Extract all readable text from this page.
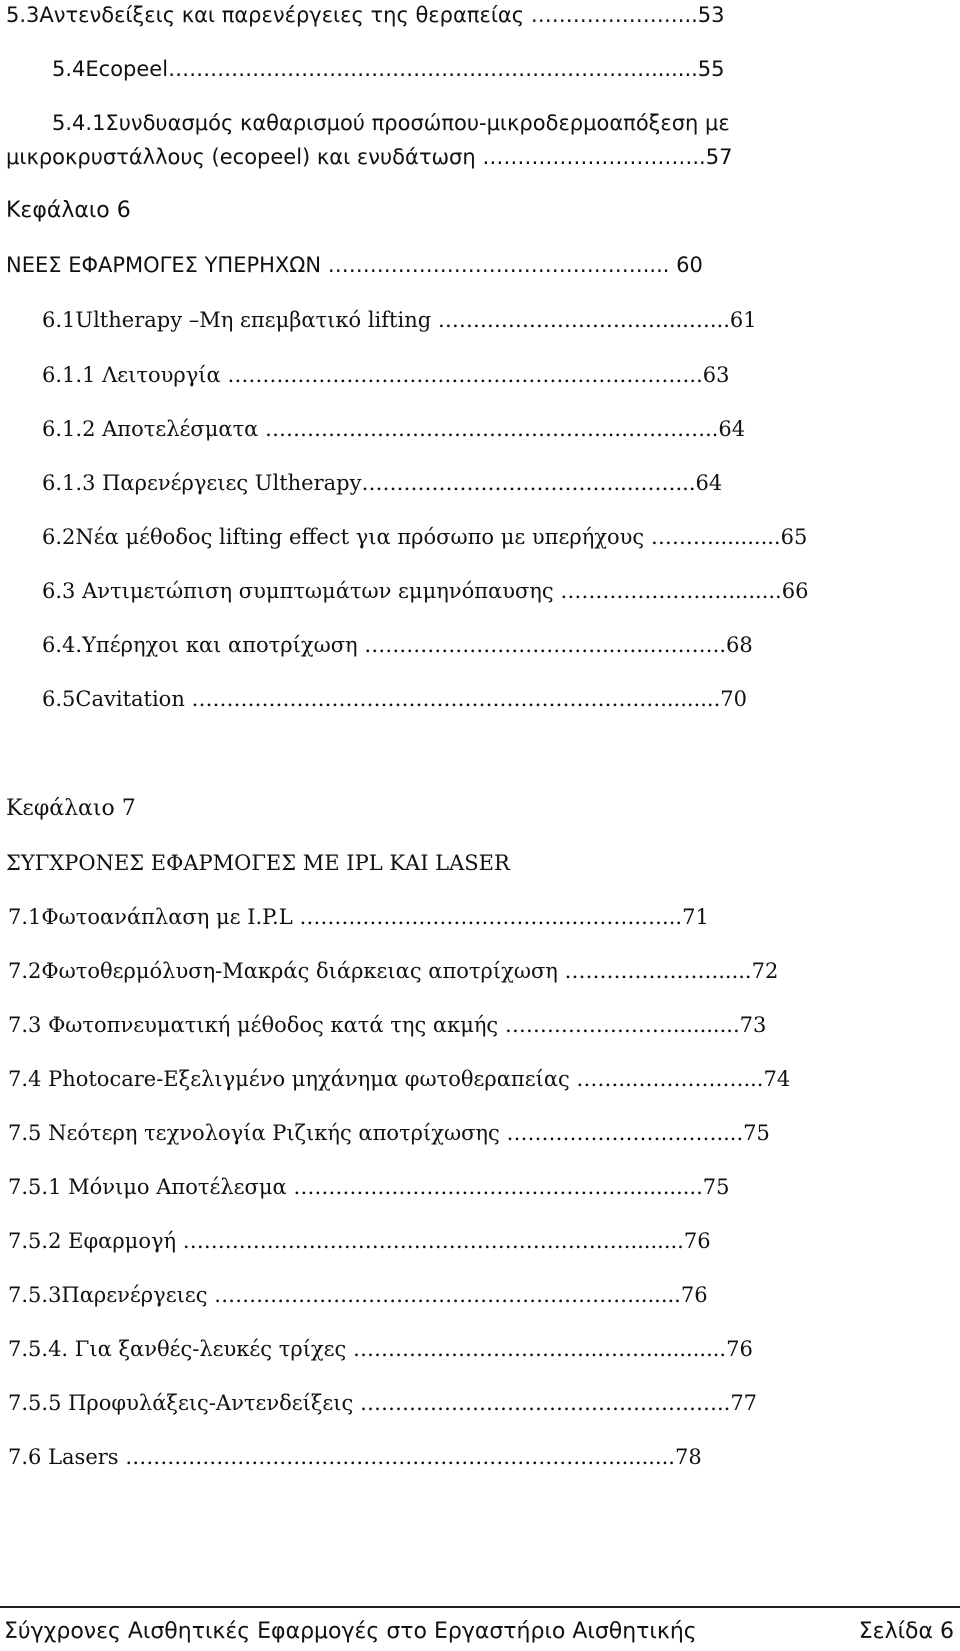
5.3Αντενδείξεις και παρενέργειες της θεραπείας …………………...53
5.4Ecopeel…………………………………………………………….......55
5.4.1Συνδυασμός καθαρισμού προσώπου-μικροδερμοαπόξεση με
μικροκρυστάλλους (ecopeel) και ενυδάτωση …………………………..57
Κεφάλαιο 6
ΝΕΕΣ ΕΦΑΡΜΟΓΕΣ ΥΠΕΡΗΧΩΝ ……………………………………….... 60
6.1Ultherapy –Μη επεμβατικό lifting ……………………………...…...61
6.1.1 Λειτουργία …………………………………………………………..63
6.1.2 Αποτελέσματα …………………………………………...…………..64
6.1.3 Παρενέργειες Ultherapy………………………………...……...64
6.2Νέα μέθοδος lifting effect για πρόσωπο με υπερήχους ………..........65
6.3 Αντιμετώπιση συμπτωμάτων εμμηνόπαυσης ……………………........66
6.4.Υπέρηχοι και αποτρίχωση ……………………………...…..………..68
6.5Cavitation ……………………………………………………….….........70
Κεφάλαιο 7
ΣΥΓΧΡΟΝΕΣ ΕΦΑΡΜΟΓΕΣ ΜΕ IPL ΚΑΙ LASER
7.1Φωτοανάπλαση με I.P.L ………………………………...……….…...71
7.2Φωτοθερμόλυση-Μακράς διάρκειας αποτρίχωση …………………......72
7.3 Φωτοπνευματική μέθοδος κατά της ακμής ……………………..........73
7.4 Photocare-Εξελιγμένο μηχάνημα φωτοθεραπείας ……...……………...74
7.5 Νεότερη τεχνολογία Ριζικής αποτρίχωσης …………………………....75
7.5.1 Μόνιμο Αποτέλεσμα …………………………………………...........75
7.5.2 Εφαρμογή ……………………………………………………….........76
7.5.3Παρενέργειες …………………………………………………….......76
7.5.4. Για ξανθές-λευκές τρίχες ……………………………...……............76
7.5.5 Προφυλάξεις-Αντενδείξεις ……………………………………………..77
7.6 Lasers ……………………………………………………………..........78
Σύγχρονες Αισθητικές Εφαρμογές στο Εργαστήριο Αισθητικής	Σελίδα 6
